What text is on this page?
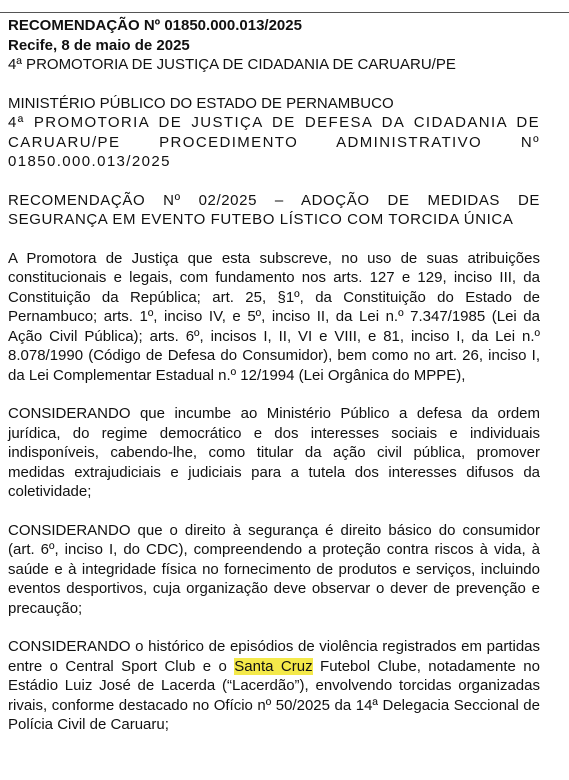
RECOMENDAÇÃO Nº 01850.000.013/2025

Recife, 8 de maio de 2025

4ª PROMOTORIA DE JUSTIÇA DE CIDADANIA DE CARUARU/PE

MINISTÉRIO PÚBLICO DO ESTADO DE PERNAMBUCO

4ª PROMOTORIA DE JUSTIÇA DE DEFESA DA CIDADANIA DE CARUARU/PE PROCEDIMENTO ADMINISTRATIVO Nº 01850.000.013/2025

RECOMENDAÇÃO Nº 02/2025 – ADOÇÃO DE MEDIDAS DE SEGURANÇA EM EVENTO FUTEBO LÍSTICO COM TORCIDA ÚNICA

A Promotora de Justiça que esta subscreve, no uso de suas atribuições constitucionais e legais, com fundamento nos arts. 127 e 129, inciso III, da Constituição da República; art. 25, §1º, da Constituição do Estado de Pernambuco; arts. 1º, inciso IV, e 5º, inciso II, da Lei n.º 7.347/1985 (Lei da Ação Civil Pública); arts. 6º, incisos I, II, VI e VIII, e 81, inciso I, da Lei n.º 8.078/1990 (Código de Defesa do Consumidor), bem como no art. 26, inciso I, da Lei Complementar Estadual n.º 12/1994 (Lei Orgânica do MPPE),

CONSIDERANDO que incumbe ao Ministério Público a defesa da ordem jurídica, do regime democrático e dos interesses sociais e individuais indisponíveis, cabendo-lhe, como titular da ação civil pública, promover medidas extrajudiciais e judiciais para a tutela dos interesses difusos da coletividade;

CONSIDERANDO que o direito à segurança é direito básico do consumidor (art. 6º, inciso I, do CDC), compreendendo a proteção contra riscos à vida, à saúde e à integridade física no fornecimento de produtos e serviços, incluindo eventos desportivos, cuja organização deve observar o dever de prevenção e precaução;

CONSIDERANDO o histórico de episódios de violência registrados em partidas entre o Central Sport Club e o Santa Cruz Futebol Clube, notadamente no Estádio Luiz José de Lacerda (“Lacerdão”), envolvendo torcidas organizadas rivais, conforme destacado no Ofício nº 50/2025 da 14ª Delegacia Seccional de Polícia Civil de Caruaru;
